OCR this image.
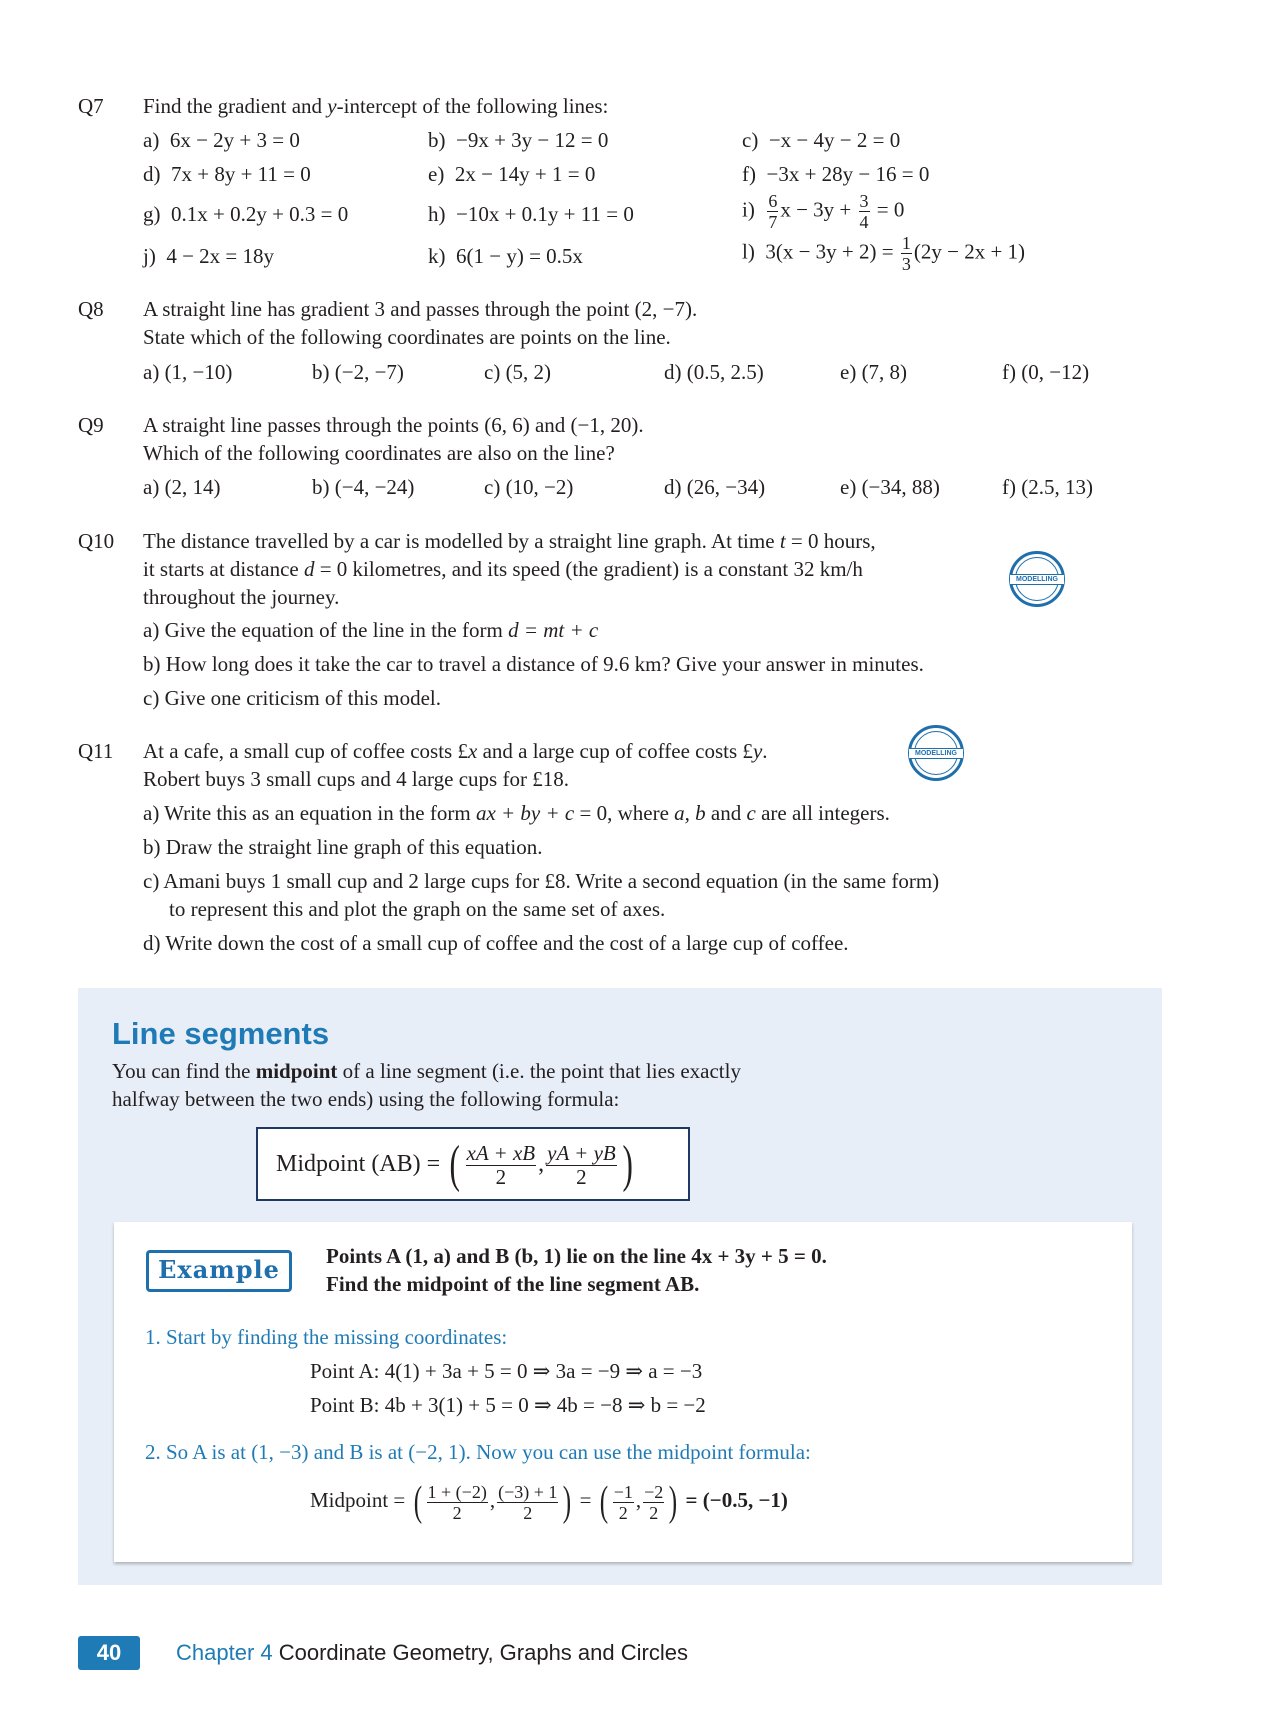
Q7 Find the gradient and y-intercept of the following lines:
a) 6x − 2y + 3 = 0	b) −9x + 3y − 12 = 0	c) −x − 4y − 2 = 0
d) 7x + 8y + 11 = 0	e) 2x − 14y + 1 = 0	f) −3x + 28y − 16 = 0
g) 0.1x + 0.2y + 0.3 = 0	h) −10x + 0.1y + 11 = 0	$i) \frac{6}{7}$ $x - 3y + \frac{3}{4} = 0$
j) 4 − 2x = 18y	k) 6(1 − y) = 0.5x	l) $3(x - 3y + 2) = \frac{1}{3} (2y - 2x + 1)$
Q8 A straight line has gradient 3 and passes through the point (2, −7).
State which of the following coordinates are points on the line.
a) (1, −10)	b) (−2, −7)	c) (5, 2)	d) (0.5, 2.5)	e) (7, 8)	f) (0, −12)
Q9 A straight line passes through the points (6, 6) and (−1, 20).
Which of the following coordinates are also on the line?
a) (2, 14)	b) (−4, −24)	c) (10, −2)	d) (26, −34)	e) (−34, 88)	f) (2.5, 13)
Q10 The distance travelled by a car is modelled by a straight line graph. At time t = 0 hours,
it starts at distance d = 0 kilometres, and its speed (the gradient) is a constant 32 km/h
throughout the journey.
a) Give the equation of the line in the form d = mt + c
b) How long does it take the car to travel a distance of 9.6 km? Give your answer in minutes.
c) Give one criticism of this model.
MODELLING
Q11 At a cafe, a small cup of coffee costs £x and a large cup of coffee costs £y.
Robert buys 3 small cups and 4 large cups for £18.
a) Write this as an equation in the form ax + by + c = 0, where a, b and c are all integers.
b) Draw the straight line graph of this equation.
c) Amani buys 1 small cup and 2 large cups for £8. Write a second equation (in the same form)
to represent this and plot the graph on the same set of axes.
d) Write down the cost of a small cup of coffee and the cost of a large cup of coffee.
MODELLING
Line segments
You can find the midpoint of a line segment (i.e. the point that lies exactly
halfway between the two ends) using the following formula:
Midpoint (AB) = ( $\frac{xA + xB}{2}$ , $\frac{yA + yB}{2}$ )
Example	Points A (1, a) and B (b, 1) lie on the line 4x + 3y + 5 = 0.
Find the midpoint of the line segment AB.
1. Start by finding the missing coordinates:
Point A: 4(1) + 3a + 5 = 0 ⇒ 3a = −9 ⇒ a = −3
Point B: 4b + 3(1) + 5 = 0 ⇒ 4b = −8 ⇒ b = −2
2. So A is at (1, −3) and B is at (−2, 1). Now you can use the midpoint formula:
Midpoint = ( $\frac{1 + (-2)}{2}$ , $\frac{(-3) + 1}{2}$ ) = ( $\frac{-1}{2}$ , $\frac{-2}{2}$ ) = (−0.5, −1)
40	Chapter 4 Coordinate Geometry, Graphs and Circles
